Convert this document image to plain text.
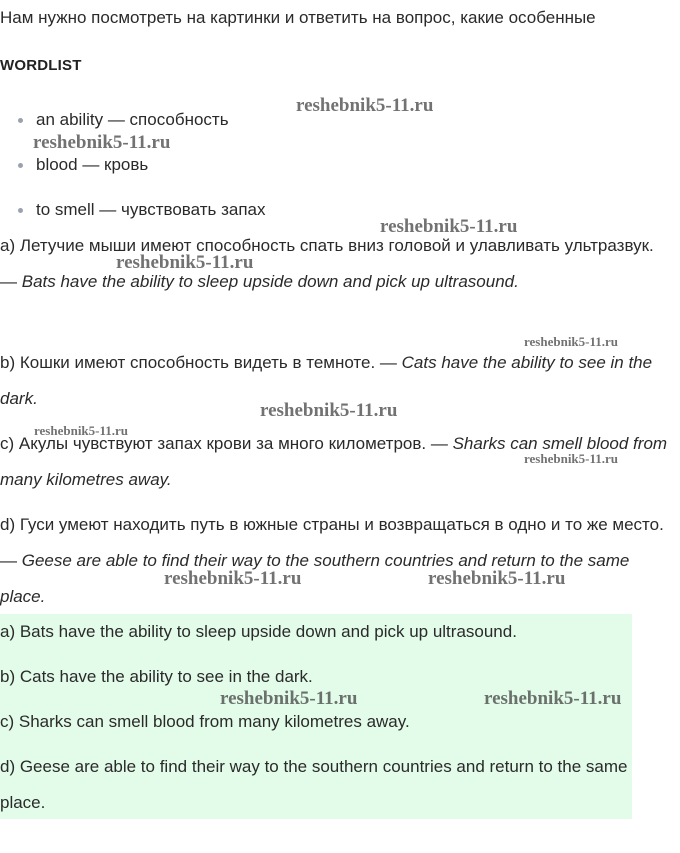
Нам нужно посмотреть на картинки и ответить на вопрос, какие особенные

WORDLIST
an ability — способность
blood — кровь
to smell — чувствовать запах

a) Летучие мыши имеют способность спать вниз головой и улавливать ультразвук. — Bats have the ability to sleep upside down and pick up ultrasound.

b) Кошки имеют способность видеть в темноте. — Cats have the ability to see in the dark.

c) Акулы чувствуют запах крови за много километров. — Sharks can smell blood from many kilometres away.

d) Гуси умеют находить путь в южные страны и возвращаться в одно и то же место. — Geese are able to find their way to the southern countries and return to the same place.

a) Bats have the ability to sleep upside down and pick up ultrasound.

b) Cats have the ability to see in the dark.

c) Sharks can smell blood from many kilometres away.

d) Geese are able to find their way to the southern countries and return to the same place.

reshebnik5-11.ru
reshebnik5-11.ru
reshebnik5-11.ru
reshebnik5-11.ru
reshebnik5-11.ru
reshebnik5-11.ru
reshebnik5-11.ru
reshebnik5-11.ru
reshebnik5-11.ru	reshebnik5-11.ru
reshebnik5-11.ru	reshebnik5-11.ru
